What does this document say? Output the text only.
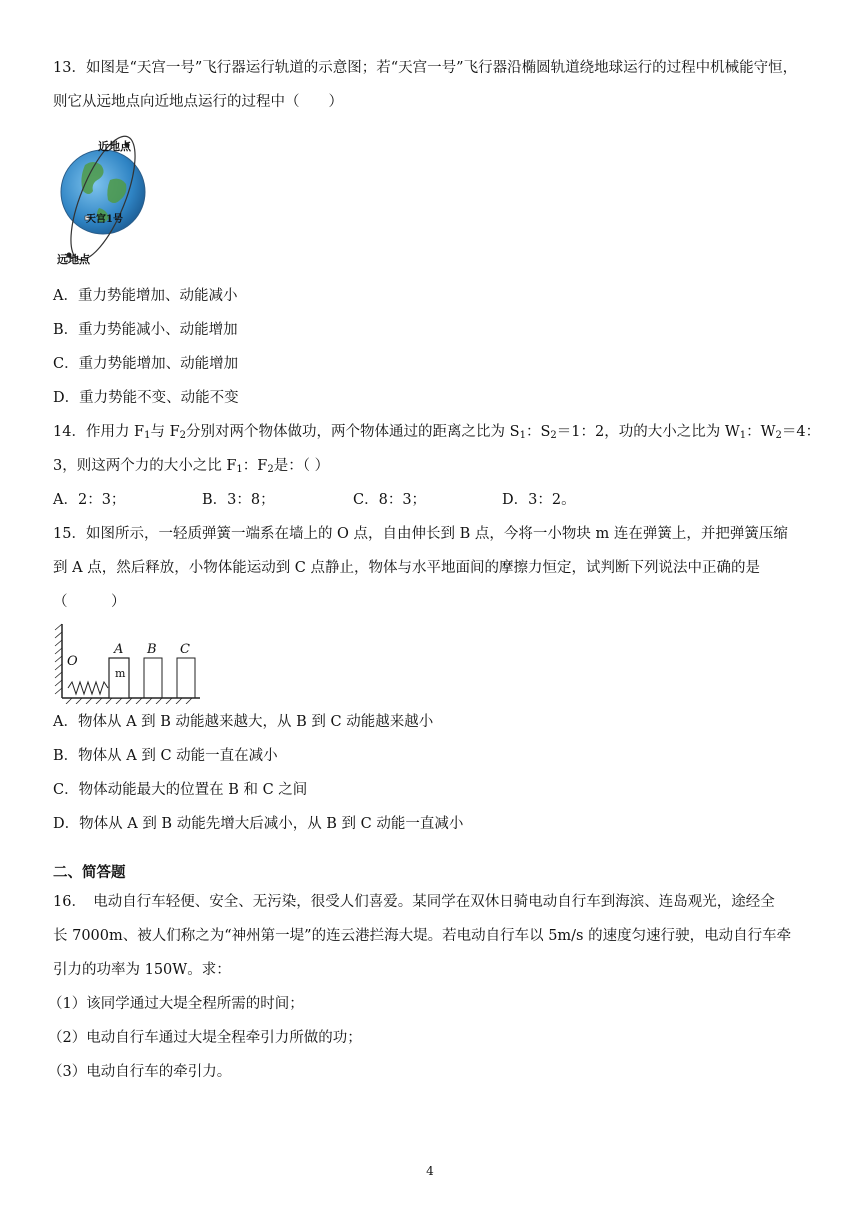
13．如图是“天宫一号”飞行器运行轨道的示意图；若“天宫一号”飞行器沿椭圆轨道绕地球运行的过程中机械能守恒，
则它从远地点向近地点运行的过程中（　　）
近地点
天宫1号
远地点
A．重力势能增加、动能减小
B．重力势能减小、动能增加
C．重力势能增加、动能增加
D．重力势能不变、动能不变
14．作用力 $F_1$与 $F_2$分别对两个物体做功，两个物体通过的距离之比为 $S_1$：$S_2=1$：2，功的大小之比为 $W_1$：$W_2=4$：
3，则这两个力的大小之比 $F_1$：$F_2$是：（ ）
A．2：3；	B．3：8；	C．8：3；	D．3：2。
15．如图所示，一轻质弹簧一端系在墙上的 O 点，自由伸长到 B 点，今将一小物块 m 连在弹簧上，并把弹簧压缩
到 A 点，然后释放，小物体能运动到 C 点静止，物体与水平地面间的摩擦力恒定，试判断下列说法中正确的是
（　　　）
O
A B C
m
A．物体从 A 到 B 动能越来越大，从 B 到 C 动能越来越小
B．物体从 A 到 C 动能一直在减小
C．物体动能最大的位置在 B 和 C 之间
D．物体从 A 到 B 动能先增大后减小，从 B 到 C 动能一直减小
二、简答题
16．　电动自行车轻便、安全、无污染，很受人们喜爱。某同学在双休日骑电动自行车到海滨、连岛观光，途经全
长 7000m、被人们称之为“神州第一堤”的连云港拦海大堤。若电动自行车以 5m/s 的速度匀速行驶，电动自行车牵
引力的功率为 150W。求：
（1）该同学通过大堤全程所需的时间；
（2）电动自行车通过大堤全程牵引力所做的功；
（3）电动自行车的牵引力。
4
